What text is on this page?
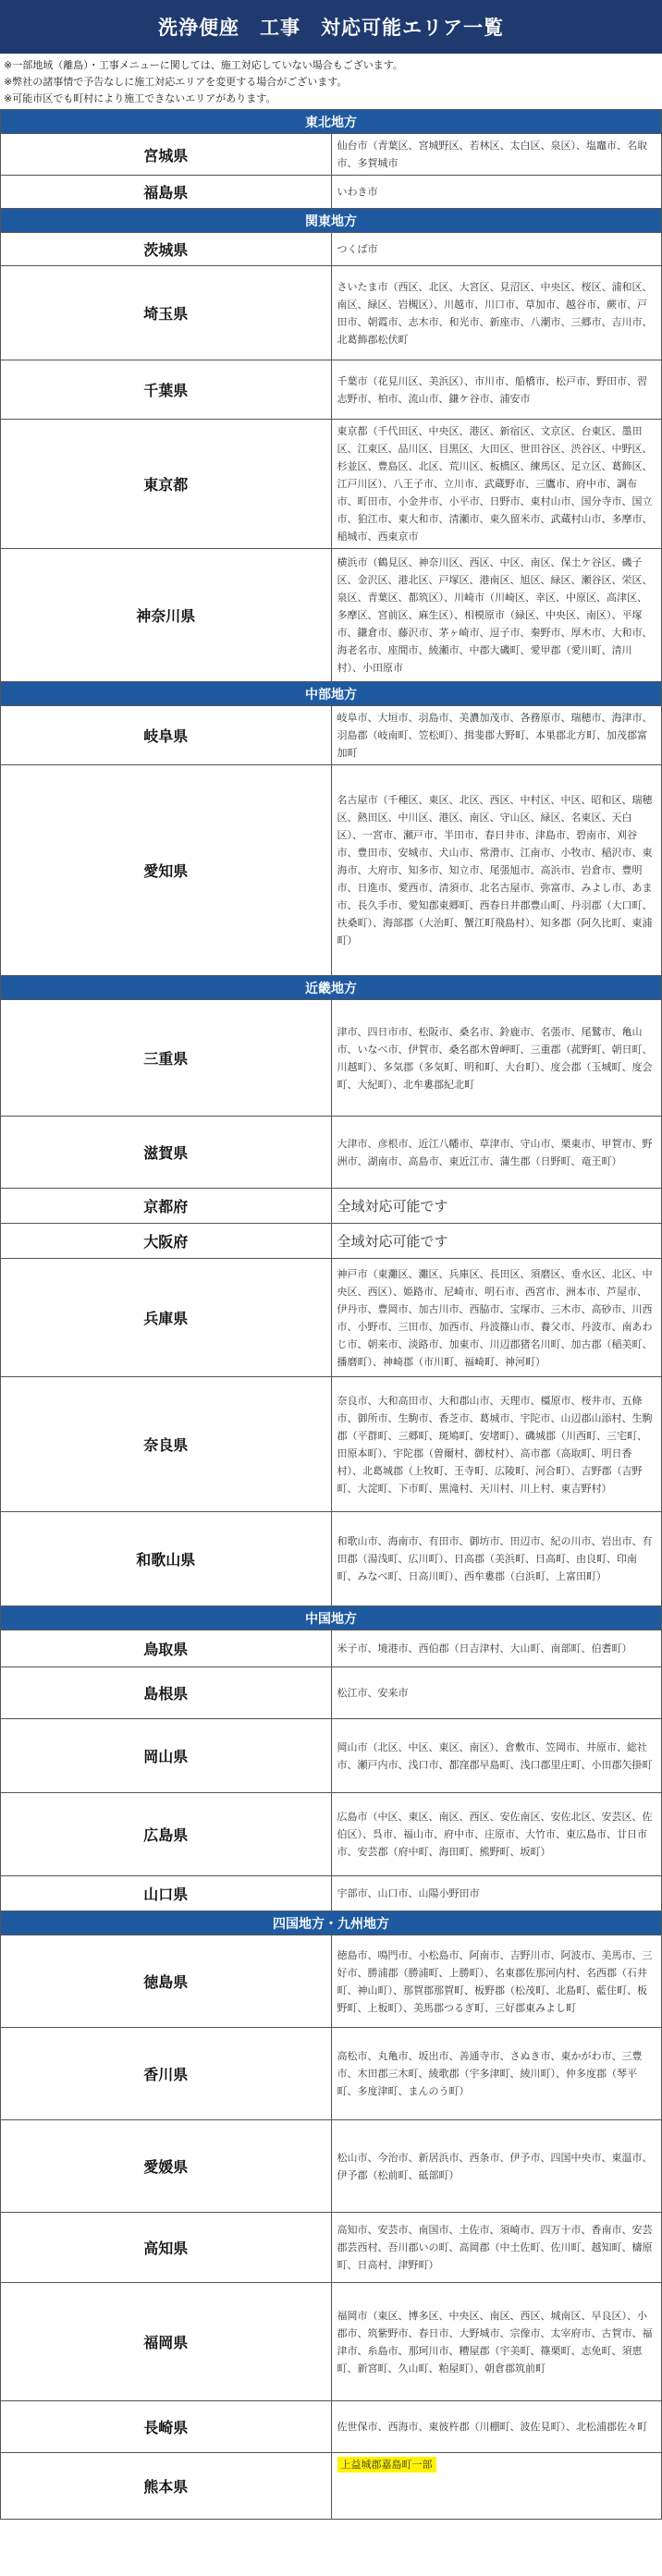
洗浄便座　工事　対応可能エリア一覧
※一部地域（離島）・工事メニューに関しては、施工対応していない場合もございます。
※弊社の諸事情で予告なしに施工対応エリアを変更する場合がございます。
※可能市区でも町村により施工できないエリアがあります。
東北地方	
宮城県	仙台市（青葉区、宮城野区、若林区、太白区、泉区）、塩竈市、名取市、多賀城市
福島県	いわき市
関東地方	
茨城県	つくば市
埼玉県	さいたま市（西区、北区、大宮区、見沼区、中央区、桜区、浦和区、南区、緑区、岩槻区）、川越市、川口市、草加市、越谷市、蕨市、戸田市、朝霞市、志木市、和光市、新座市、八潮市、三郷市、吉川市、北葛飾郡松伏町
千葉県	千葉市（花見川区、美浜区）、市川市、船橋市、松戸市、野田市、習志野市、柏市、流山市、鎌ケ谷市、浦安市
東京都	東京都（千代田区、中央区、港区、新宿区、文京区、台東区、墨田区、江東区、品川区、目黒区、大田区、世田谷区、渋谷区、中野区、杉並区、豊島区、北区、荒川区、板橋区、練馬区、足立区、葛飾区、江戸川区）、八王子市、立川市、武蔵野市、三鷹市、府中市、調布市、町田市、小金井市、小平市、日野市、東村山市、国分寺市、国立市、狛江市、東大和市、清瀬市、東久留米市、武蔵村山市、多摩市、稲城市、西東京市
神奈川県	横浜市（鶴見区、神奈川区、西区、中区、南区、保土ケ谷区、磯子区、金沢区、港北区、戸塚区、港南区、旭区、緑区、瀬谷区、栄区、泉区、青葉区、都筑区）、川崎市（川崎区、幸区、中原区、高津区、多摩区、宮前区、麻生区）、相模原市（緑区、中央区、南区）、平塚市、鎌倉市、藤沢市、茅ヶ崎市、逗子市、秦野市、厚木市、大和市、海老名市、座間市、綾瀬市、中郡大磯町、愛甲郡（愛川町、清川村）、小田原市
中部地方	
岐阜県	岐阜市、大垣市、羽島市、美濃加茂市、各務原市、瑞穂市、海津市、羽島郡（岐南町、笠松町）、揖斐郡大野町、本巣郡北方町、加茂郡富加町
愛知県	名古屋市（千種区、東区、北区、西区、中村区、中区、昭和区、瑞穂区、熱田区、中川区、港区、南区、守山区、緑区、名東区、天白区）、一宮市、瀬戸市、半田市、春日井市、津島市、碧南市、刈谷市、豊田市、安城市、犬山市、常滑市、江南市、小牧市、稲沢市、東海市、大府市、知多市、知立市、尾張旭市、高浜市、岩倉市、豊明市、日進市、愛西市、清須市、北名古屋市、弥富市、みよし市、あま市、長久手市、愛知郡東郷町、西春日井郡豊山町、丹羽郡（大口町、扶桑町）、海部郡（大治町、蟹江町飛島村）、知多郡（阿久比町、東浦町）
近畿地方	
三重県	津市、四日市市、松阪市、桑名市、鈴鹿市、名張市、尾鷲市、亀山市、いなべ市、伊賀市、桑名郡木曽岬町、三重郡（菰野町、朝日町、川越町）、多気郡（多気町、明和町、大台町）、度会郡（玉城町、度会町、大紀町）、北牟婁郡紀北町
滋賀県	大津市、彦根市、近江八幡市、草津市、守山市、栗東市、甲賀市、野洲市、湖南市、高島市、東近江市、蒲生郡（日野町、竜王町）
京都府	全域対応可能です
大阪府	全域対応可能です
兵庫県	神戸市（東灘区、灘区、兵庫区、長田区、須磨区、垂水区、北区、中央区、西区）、姫路市、尼崎市、明石市、西宮市、洲本市、芦屋市、伊丹市、豊岡市、加古川市、西脇市、宝塚市、三木市、高砂市、川西市、小野市、三田市、加西市、丹波篠山市、養父市、丹波市、南あわじ市、朝来市、淡路市、加東市、川辺郡猪名川町、加古郡（稲美町、播磨町）、神崎郡（市川町、福崎町、神河町）
奈良県	奈良市、大和高田市、大和郡山市、天理市、橿原市、桜井市、五條市、御所市、生駒市、香芝市、葛城市、宇陀市、山辺郡山添村、生駒郡（平群町、三郷町、斑鳩町、安堵町）、磯城郡（川西町、三宅町、田原本町）、宇陀郡（曽爾村、御杖村）、高市郡（高取町、明日香村）、北葛城郡（上牧町、王寺町、広陵町、河合町）、吉野郡（吉野町、大淀町、下市町、黒滝村、天川村、川上村、東吉野村）
和歌山県	和歌山市、海南市、有田市、御坊市、田辺市、紀の川市、岩出市、有田郡（湯浅町、広川町）、日高郡（美浜町、日高町、由良町、印南町、みなべ町、日高川町）、西牟婁郡（白浜町、上富田町）
中国地方	
鳥取県	米子市、境港市、西伯郡（日吉津村、大山町、南部町、伯耆町）
島根県	松江市、安来市
岡山県	岡山市（北区、中区、東区、南区）、倉敷市、笠岡市、井原市、総社市、瀬戸内市、浅口市、都窪郡早島町、浅口郡里庄町、小田郡矢掛町
広島県	広島市（中区、東区、南区、西区、安佐南区、安佐北区、安芸区、佐伯区）、呉市、福山市、府中市、庄原市、大竹市、東広島市、廿日市市、安芸郡（府中町、海田町、熊野町、坂町）
山口県	宇部市、山口市、山陽小野田市
四国地方・九州地方	
徳島県	徳島市、鳴門市、小松島市、阿南市、吉野川市、阿波市、美馬市、三好市、勝浦郡（勝浦町、上勝町）、名東郡佐那河内村、名西郡（石井町、神山町）、那賀郡那賀町、板野郡（松茂町、北島町、藍住町、板野町、上板町）、美馬郡つるぎ町、三好郡東みよし町
香川県	高松市、丸亀市、坂出市、善通寺市、さぬき市、東かがわ市、三豊市、木田郡三木町、綾歌郡（宇多津町、綾川町）、仲多度郡（琴平町、多度津町、まんのう町）
愛媛県	松山市、今治市、新居浜市、西条市、伊予市、四国中央市、東温市、伊予郡（松前町、砥部町）
高知県	高知市、安芸市、南国市、土佐市、須崎市、四万十市、香南市、安芸郡芸西村、吾川郡いの町、高岡郡（中土佐町、佐川町、越知町、檮原町、日高村、津野町）
福岡県	福岡市（東区、博多区、中央区、南区、西区、城南区、早良区）、小郡市、筑紫野市、春日市、大野城市、宗像市、太宰府市、古賀市、福津市、糸島市、那珂川市、糟屋郡（宇美町、篠栗町、志免町、須恵町、新宮町、久山町、粕屋町）、朝倉郡筑前町
長崎県	佐世保市、西海市、東彼杵郡（川棚町、波佐見町）、北松浦郡佐々町
熊本県	上益城郡嘉島町一部
